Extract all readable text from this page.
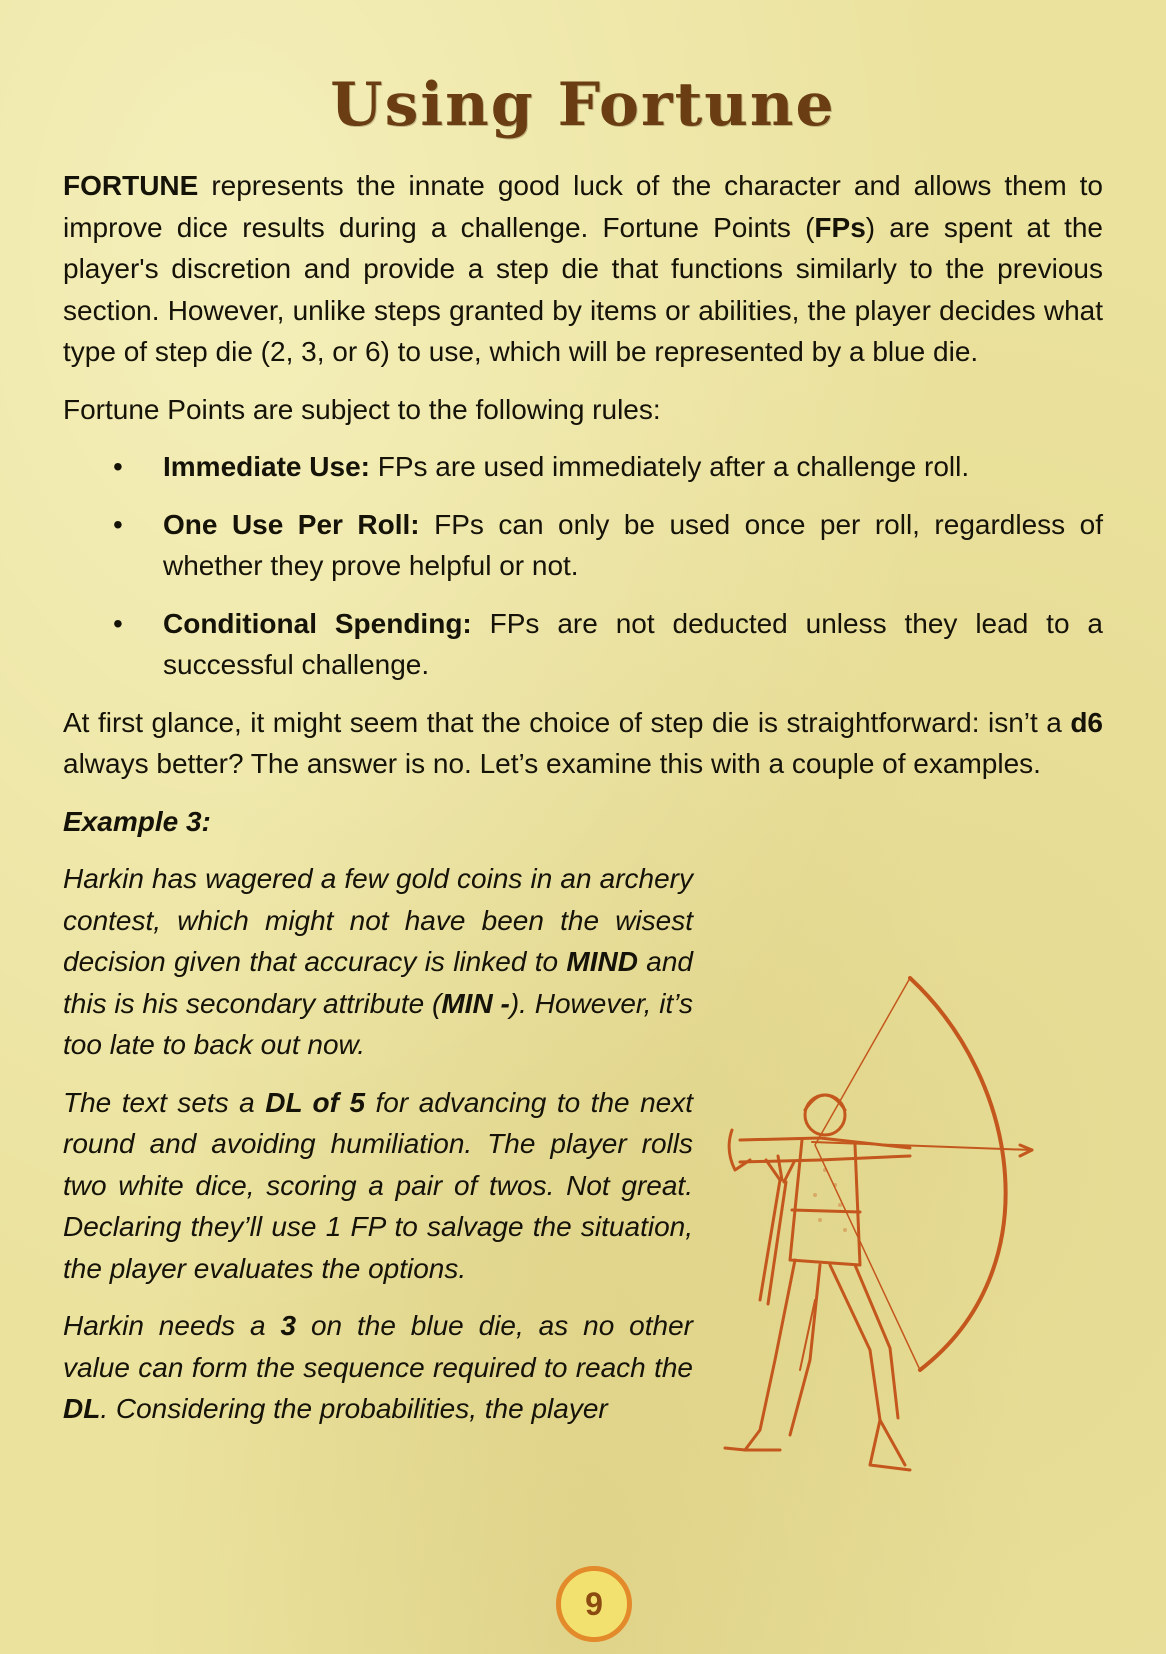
Using Fortune

FORTUNE represents the innate good luck of the character and allows them to improve dice results during a challenge. Fortune Points (FPs) are spent at the player's discretion and provide a step die that functions similarly to the previous section. However, unlike steps granted by items or abilities, the player decides what type of step die (2, 3, or 6) to use, which will be represented by a blue die.

Fortune Points are subject to the following rules:

• Immediate Use: FPs are used immediately after a challenge roll.
• One Use Per Roll: FPs can only be used once per roll, regardless of whether they prove helpful or not.
• Conditional Spending: FPs are not deducted unless they lead to a successful challenge.

At first glance, it might seem that the choice of step die is straightforward: isn’t a d6 always better? The answer is no. Let’s examine this with a couple of examples.

Example 3:

Harkin has wagered a few gold coins in an archery contest, which might not have been the wisest decision given that accuracy is linked to MIND and this is his secondary attribute (MIN -). However, it’s too late to back out now.

The text sets a DL of 5 for advancing to the next round and avoiding humiliation. The player rolls two white dice, scoring a pair of twos. Not great. Declaring they’ll use 1 FP to salvage the situation, the player evaluates the options.

Harkin needs a 3 on the blue die, as no other value can form the sequence required to reach the DL. Considering the probabilities, the player

9
